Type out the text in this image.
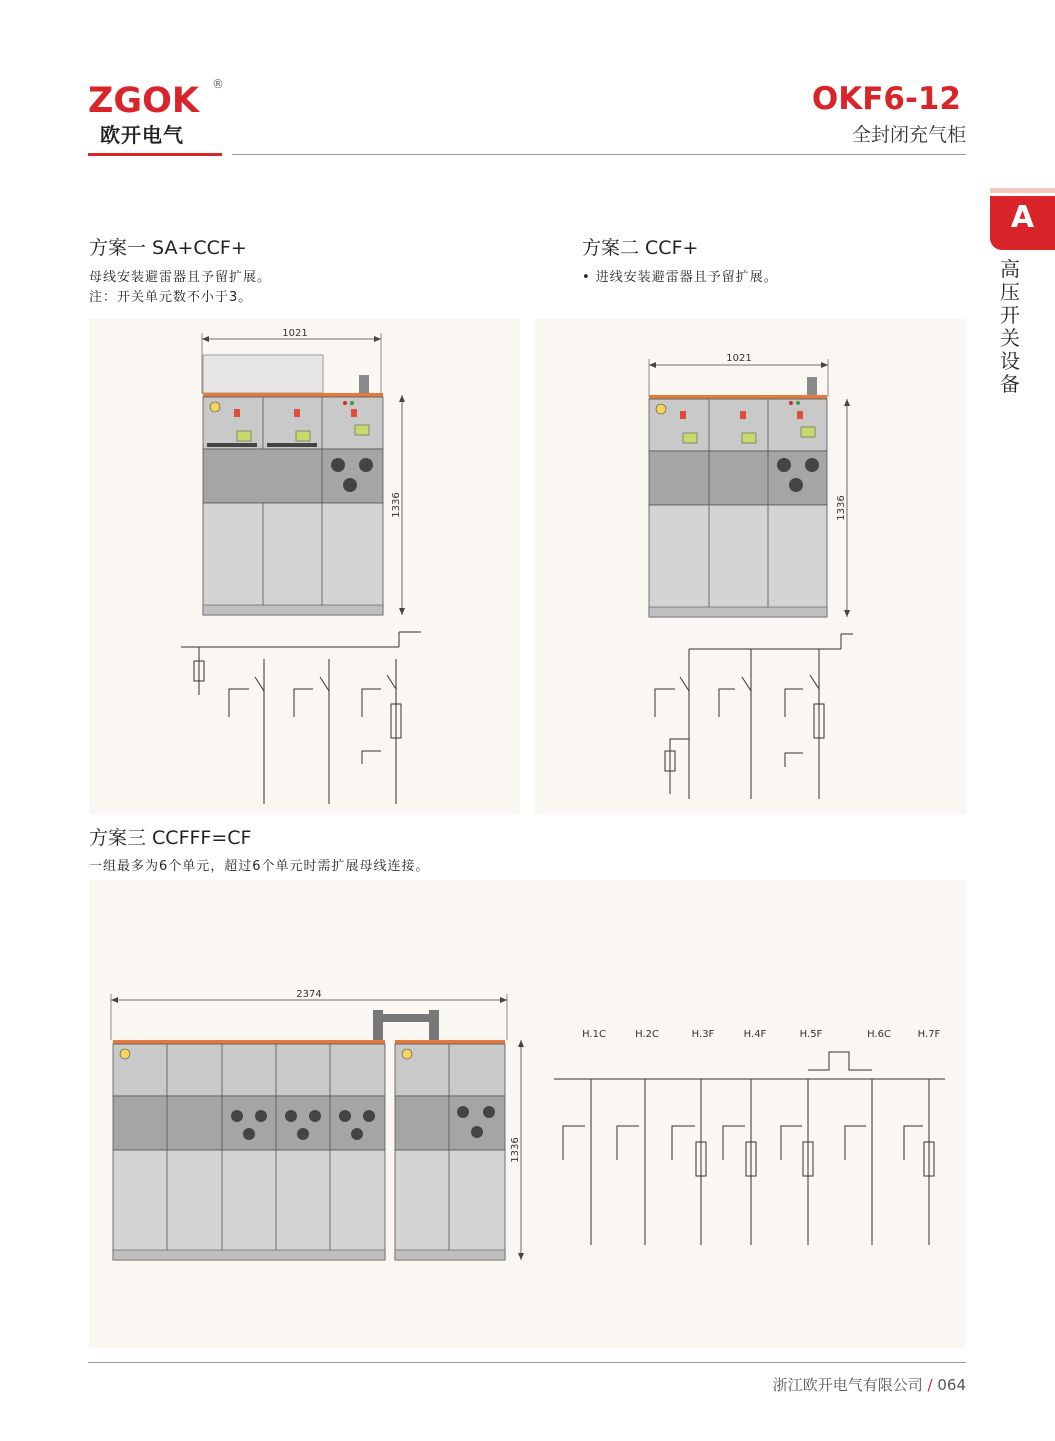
ZGOK ®
欧开电气
OKF6-12
全封闭充气柜
A
高压开关设备
方案一 SA+CCF+
母线安装避雷器且予留扩展。
注：开关单元数不小于3。
方案二 CCF+
• 进线安装避雷器且予留扩展。
1021
1336
1021
1336
方案三 CCFFF=CF
一组最多为6个单元，超过6个单元时需扩展母线连接。
2374
1336
H.1C	H.2C	H.3F	H.4F	H.5F	H.6C	H.7F
浙江欧开电气有限公司 / 064
